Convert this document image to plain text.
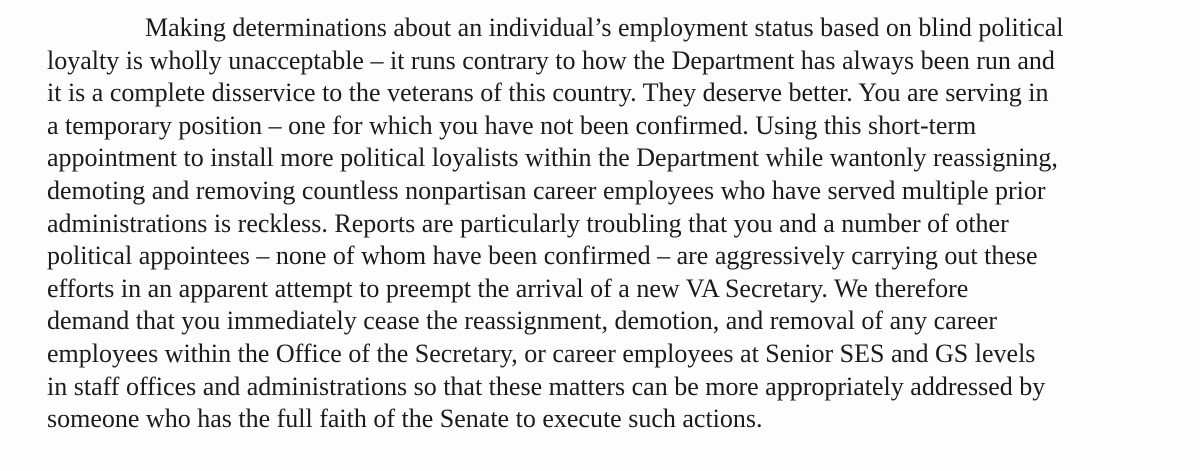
Making determinations about an individual’s employment status based on blind political
loyalty is wholly unacceptable – it runs contrary to how the Department has always been run and
it is a complete disservice to the veterans of this country. They deserve better. You are serving in
a temporary position – one for which you have not been confirmed. Using this short-term
appointment to install more political loyalists within the Department while wantonly reassigning,
demoting and removing countless nonpartisan career employees who have served multiple prior
administrations is reckless. Reports are particularly troubling that you and a number of other
political appointees – none of whom have been confirmed – are aggressively carrying out these
efforts in an apparent attempt to preempt the arrival of a new VA Secretary. We therefore
demand that you immediately cease the reassignment, demotion, and removal of any career
employees within the Office of the Secretary, or career employees at Senior SES and GS levels
in staff offices and administrations so that these matters can be more appropriately addressed by
someone who has the full faith of the Senate to execute such actions.
